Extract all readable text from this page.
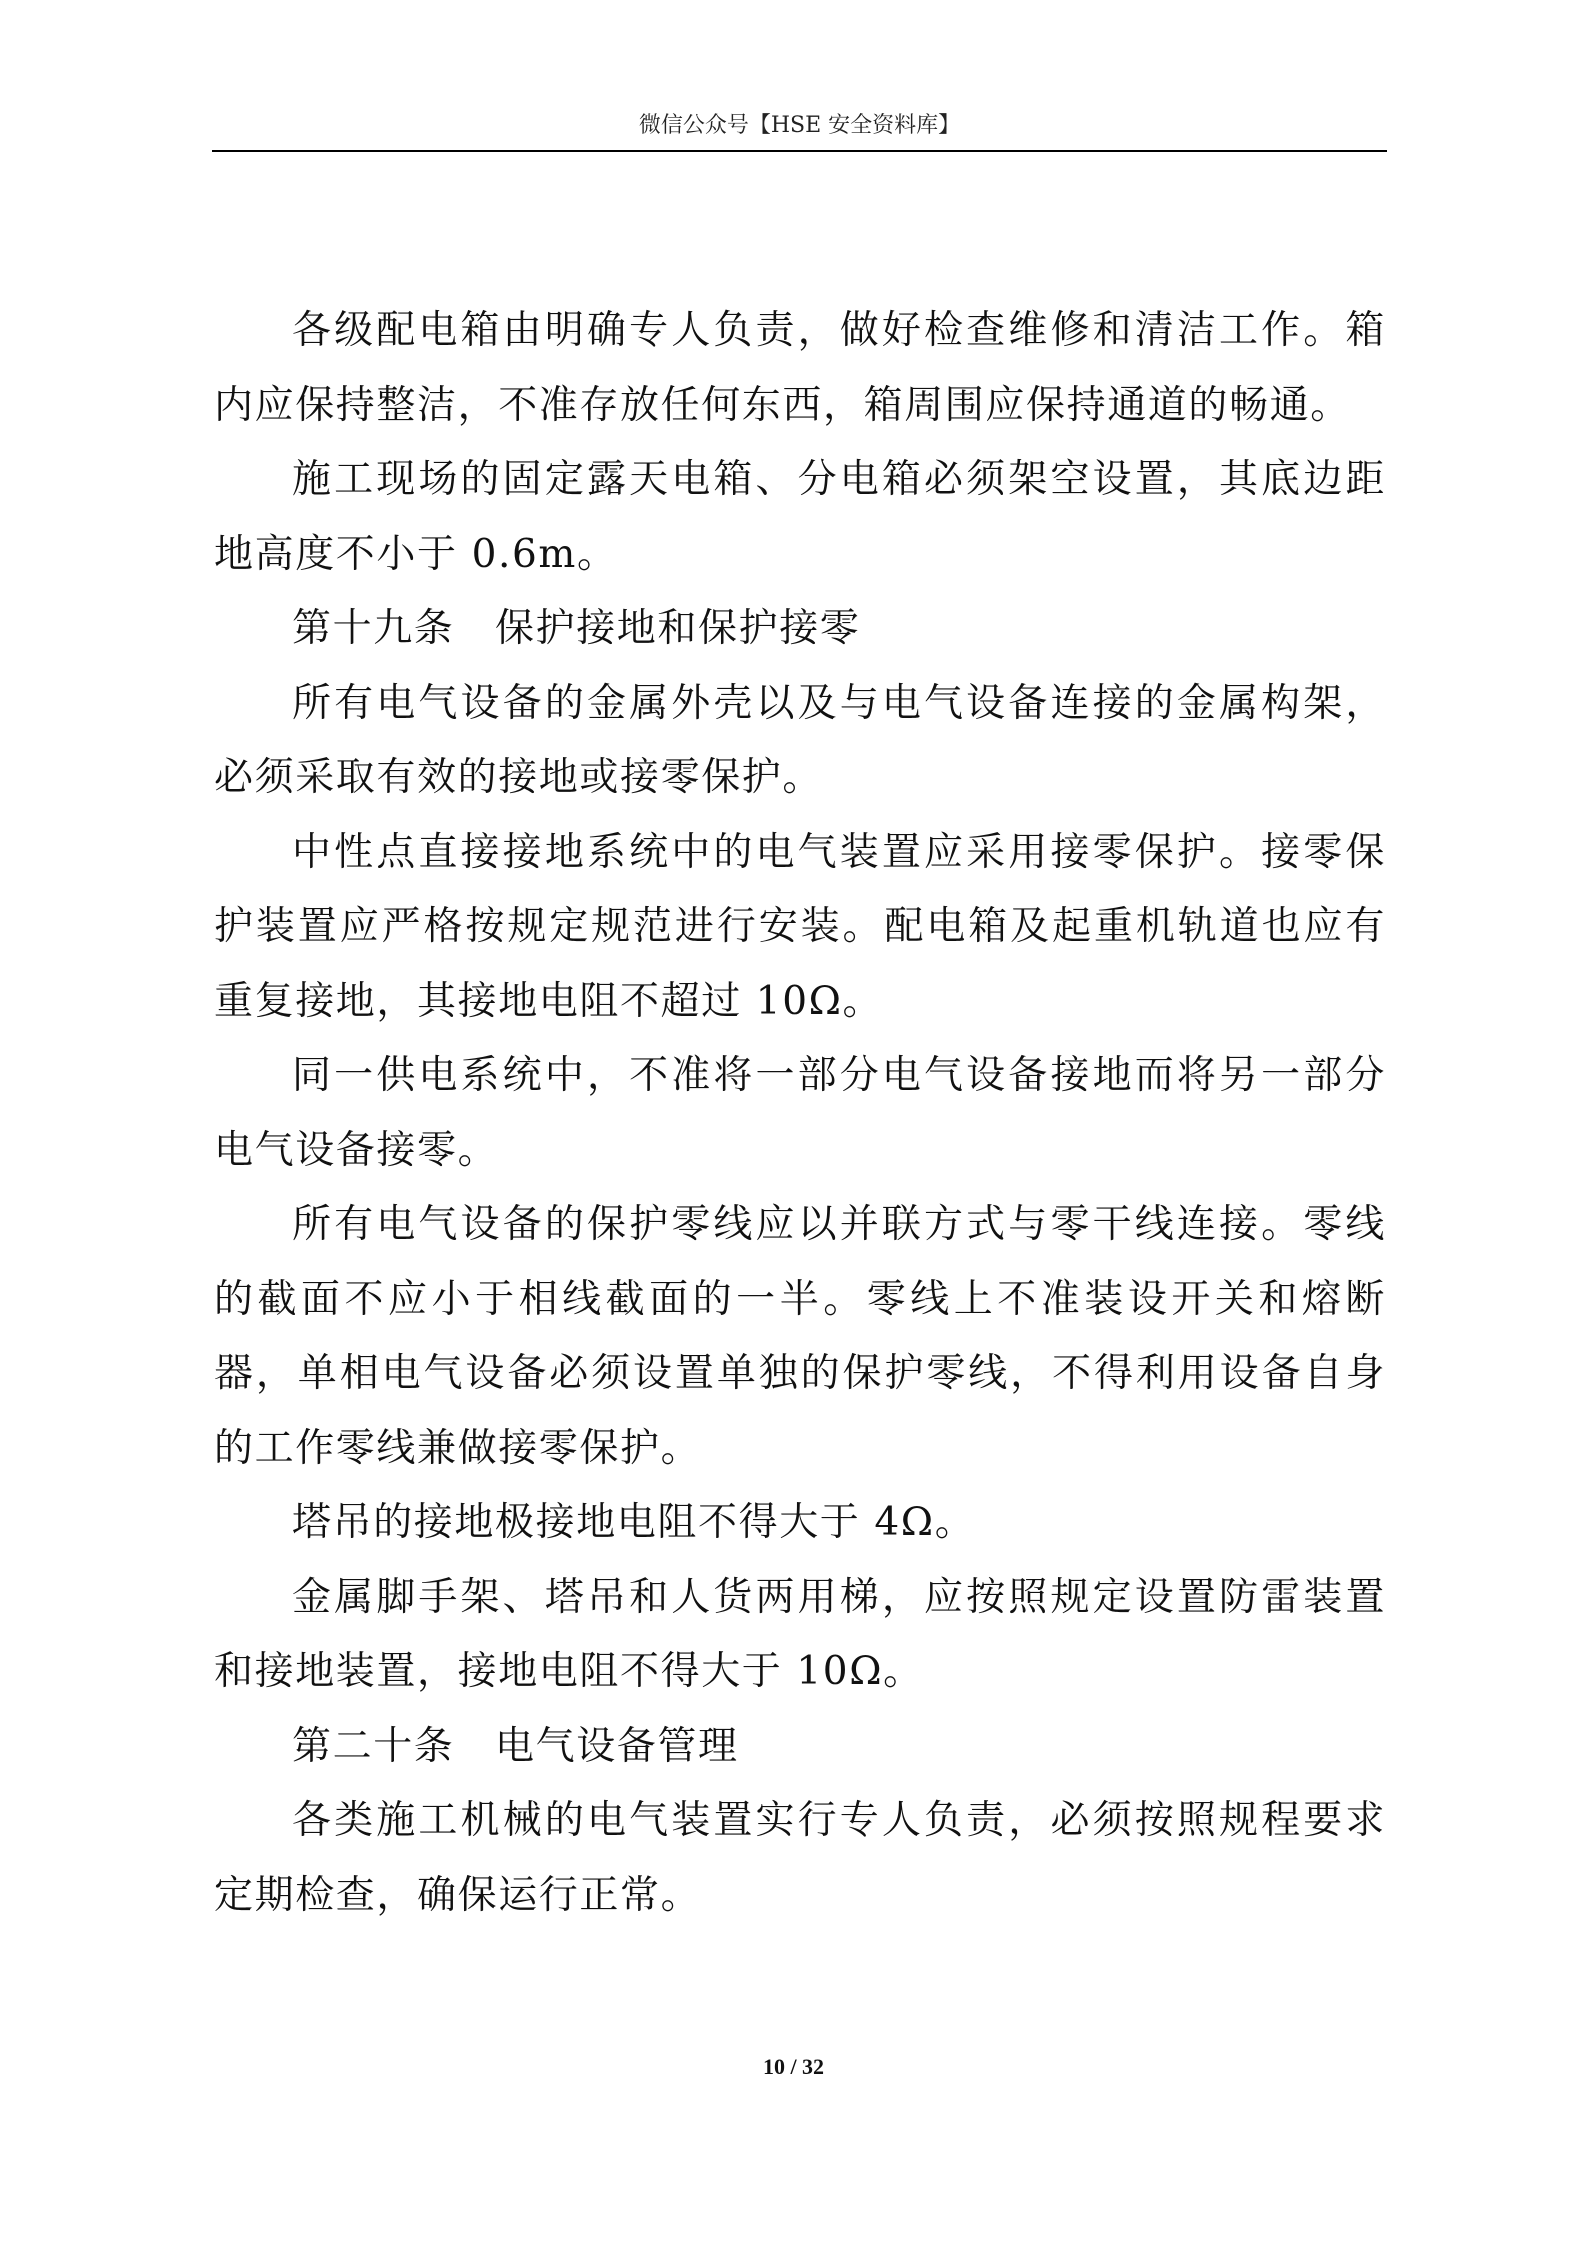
微信公众号【HSE 安全资料库】

各级配电箱由明确专人负责，做好检查维修和清洁工作。箱内应保持整洁，不准存放任何东西，箱周围应保持通道的畅通。

施工现场的固定露天电箱、分电箱必须架空设置，其底边距地高度不小于 0.6m。

第十九条　保护接地和保护接零

所有电气设备的金属外壳以及与电气设备连接的金属构架，必须采取有效的接地或接零保护。

中性点直接接地系统中的电气装置应采用接零保护。接零保护装置应严格按规定规范进行安装。配电箱及起重机轨道也应有重复接地，其接地电阻不超过 10Ω。

同一供电系统中，不准将一部分电气设备接地而将另一部分电气设备接零。

所有电气设备的保护零线应以并联方式与零干线连接。零线的截面不应小于相线截面的一半。零线上不准装设开关和熔断器，单相电气设备必须设置单独的保护零线，不得利用设备自身的工作零线兼做接零保护。

塔吊的接地极接地电阻不得大于 4Ω。

金属脚手架、塔吊和人货两用梯，应按照规定设置防雷装置和接地装置，接地电阻不得大于 10Ω。

第二十条　电气设备管理

各类施工机械的电气装置实行专人负责，必须按照规程要求定期检查，确保运行正常。

10 / 32
